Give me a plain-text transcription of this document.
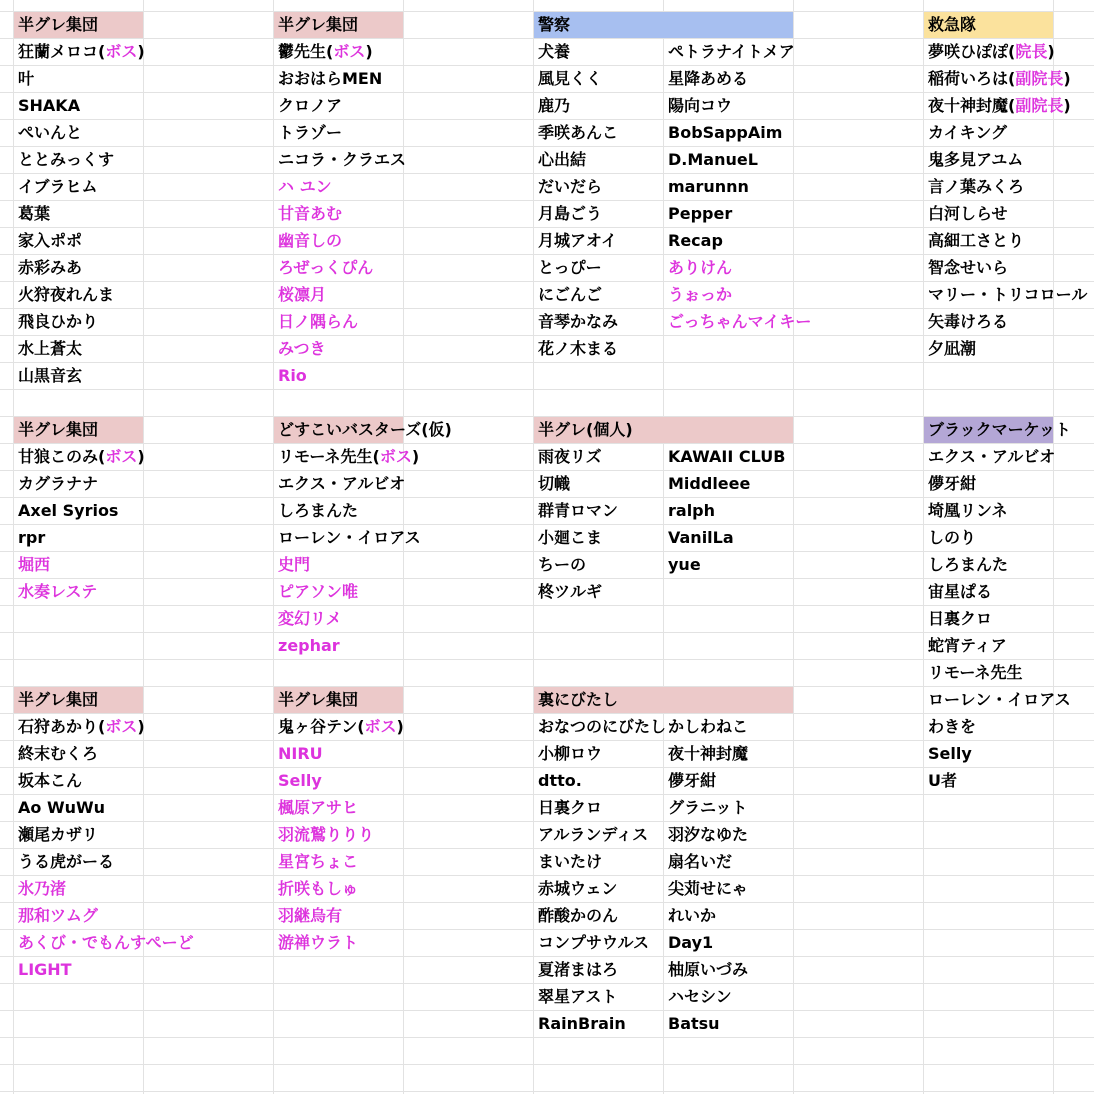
半グレ集団
狂蘭メロコ(ボス)
叶
SHAKA
ぺいんと
ととみっくす
イブラヒム
葛葉
家入ポポ
赤彩みあ
火狩夜れんま
飛良ひかり
水上蒼太
山黒音玄
半グレ集団
鬱先生(ボス)
おおはらMEN
クロノア
トラゾー
ニコラ・クラエス
ハ ユン
甘音あむ
幽音しの
ろぜっくぴん
桜凛月
日ノ隅らん
みつき
Rio
警察
犬養
風見くく
鹿乃
季咲あんこ
心出結
だいだら
月島ごう
月城アオイ
とっぴー
にごんご
音琴かなみ
花ノ木まる
ペトラナイトメア
星降あめる
陽向コウ
BobSappAim
D.ManueL
marunnn
Pepper
Recap
ありけん
うぉっか
ごっちゃんマイキー
救急隊
夢咲ひぽぽ(院長)
稲荷いろは(副院長)
夜十神封魔(副院長)
カイキング
鬼多見アユム
言ノ葉みくろ
白河しらせ
高細工さとり
智念せいら
マリー・トリコロール
矢毒けろる
夕凪潮
半グレ集団
甘狼このみ(ボス)
カグラナナ
Axel Syrios
rpr
堀西
水奏レステ
どすこいバスターズ(仮)
リモーネ先生(ボス)
エクス・アルビオ
しろまんた
ローレン・イロアス
史門
ピアソン唯
変幻リメ
zephar
半グレ(個人)
雨夜リズ
切幟
群青ロマン
小廻こま
ちーの
柊ツルギ
KAWAII CLUB
Middleee
ralph
VanilLa
yue
ブラックマーケット
エクス・アルビオ
儚牙紺
埼凰リンネ
しのり
しろまんた
宙星ぱる
日裏クロ
蛇宵ティア
リモーネ先生
ローレン・イロアス
わきを
Selly
U者
半グレ集団
石狩あかり(ボス)
終末むくろ
坂本こん
Ao WuWu
瀬尾カザリ
うる虎がーる
氷乃渚
那和ツムグ
あくび・でもんすぺーど
LIGHT
半グレ集団
鬼ヶ谷テン(ボス)
NIRU
Selly
楓原アサヒ
羽流鷲りりり
星宮ちょこ
折咲もしゅ
羽継烏有
游禅ウラト
裏にびたし
おなつのにびたし
小柳ロウ
dtto.
日裏クロ
アルランディス
まいたけ
赤城ウェン
酢酸かのん
コンプサウルス
夏渚まはろ
翠星アスト
RainBrain
かしわねこ
夜十神封魔
儚牙紺
グラニット
羽汐なゆた
扇名いだ
尖苅せにゃ
れいか
Day1
柚原いづみ
ハセシン
Batsu
